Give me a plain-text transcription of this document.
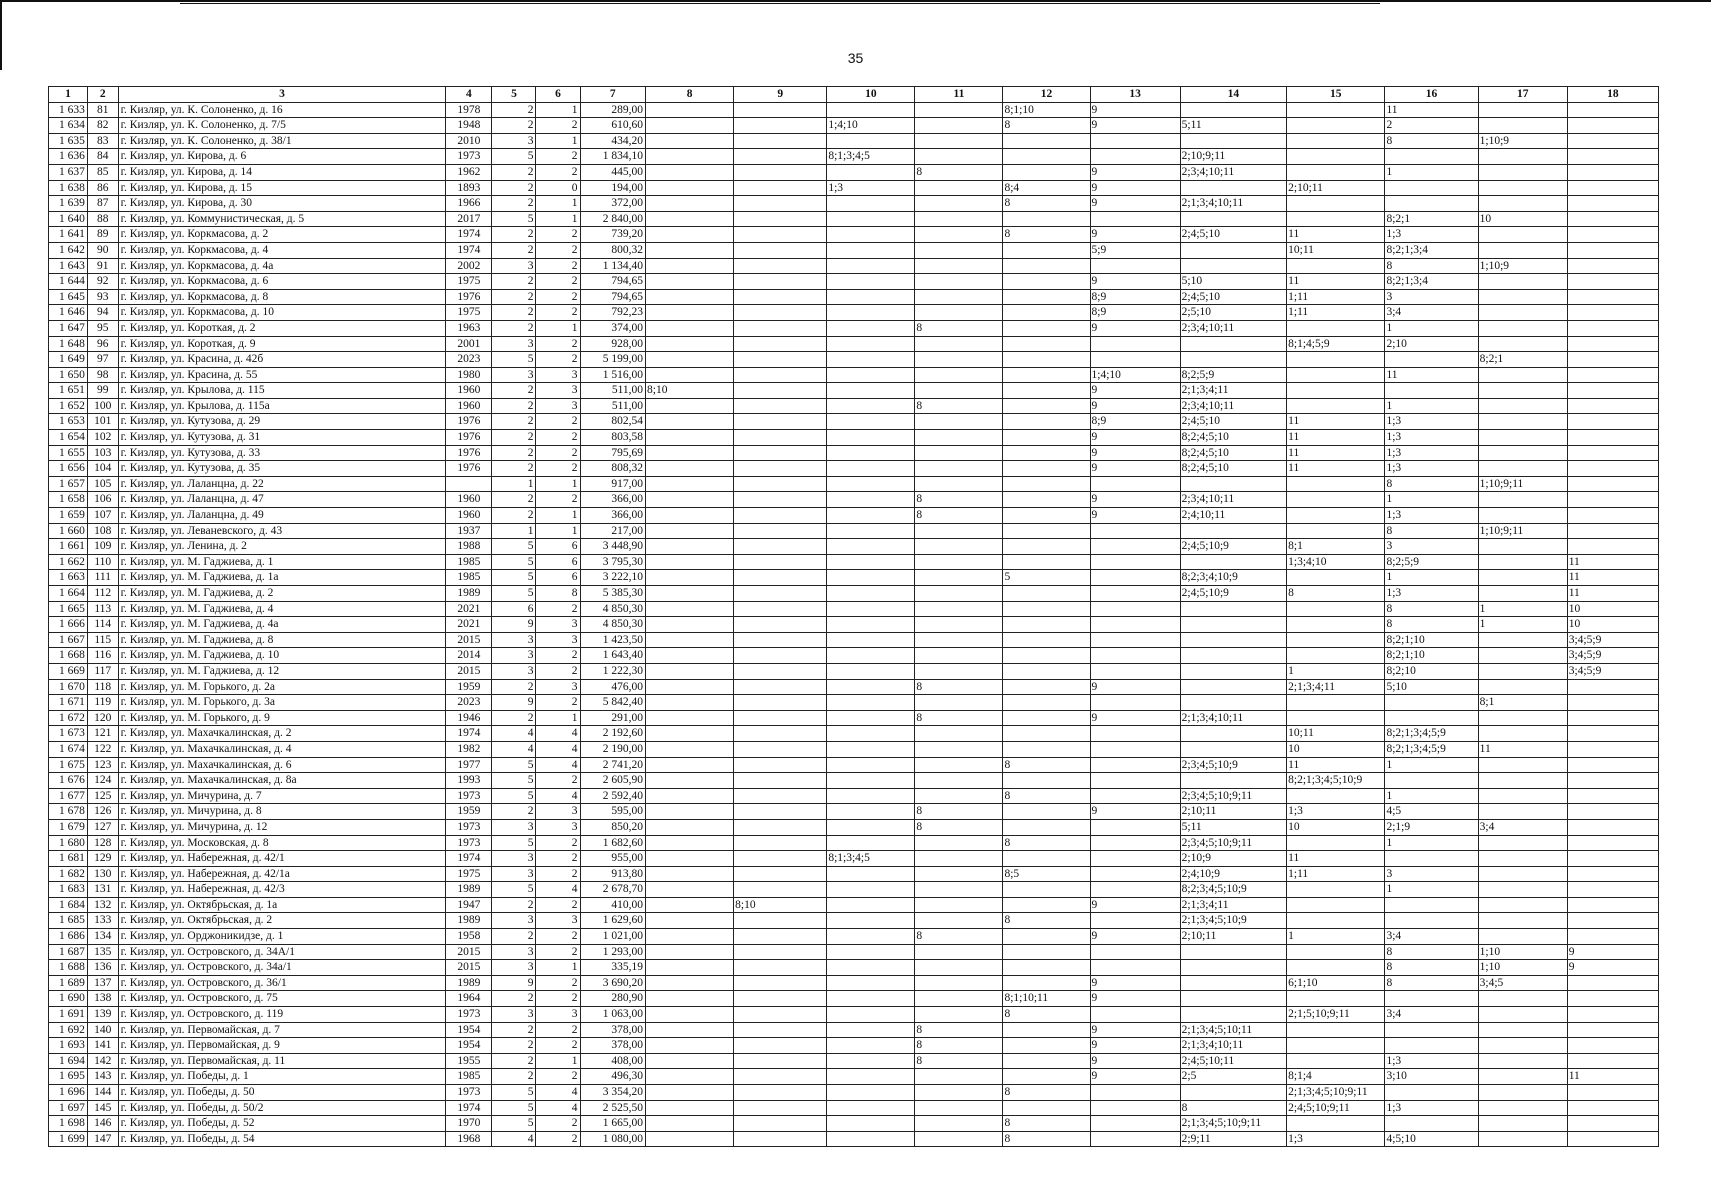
35
1	2	3	4	5	6	7	8	9	10	11	12	13	14	15	16	17	18
1 633	81	г. Кизляр, ул. К. Солоненко, д. 16	1978	2	1	289,00					8;1;10	9			11		
1 634	82	г. Кизляр, ул. К. Солоненко, д. 7/5	1948	2	2	610,60			1;4;10		8	9	5;11		2		
1 635	83	г. Кизляр, ул. К. Солоненко, д. 38/1	2010	3	1	434,20									8	1;10;9	
1 636	84	г. Кизляр, ул. Кирова, д. 6	1973	5	2	1 834,10			8;1;3;4;5				2;10;9;11				
1 637	85	г. Кизляр, ул. Кирова, д. 14	1962	2	2	445,00				8		9	2;3;4;10;11		1		
1 638	86	г. Кизляр, ул. Кирова, д. 15	1893	2	0	194,00			1;3		8;4	9		2;10;11			
1 639	87	г. Кизляр, ул. Кирова, д. 30	1966	2	1	372,00					8	9	2;1;3;4;10;11				
1 640	88	г. Кизляр, ул. Коммунистическая, д. 5	2017	5	1	2 840,00									8;2;1	10	
1 641	89	г. Кизляр, ул. Коркмасова, д. 2	1974	2	2	739,20					8	9	2;4;5;10	11	1;3		
1 642	90	г. Кизляр, ул. Коркмасова, д. 4	1974	2	2	800,32						5;9		10;11	8;2;1;3;4		
1 643	91	г. Кизляр, ул. Коркмасова, д. 4а	2002	3	2	1 134,40									8	1;10;9	
1 644	92	г. Кизляр, ул. Коркмасова, д. 6	1975	2	2	794,65						9	5;10	11	8;2;1;3;4		
1 645	93	г. Кизляр, ул. Коркмасова, д. 8	1976	2	2	794,65						8;9	2;4;5;10	1;11	3		
1 646	94	г. Кизляр, ул. Коркмасова, д. 10	1975	2	2	792,23						8;9	2;5;10	1;11	3;4		
1 647	95	г. Кизляр, ул. Короткая, д. 2	1963	2	1	374,00				8		9	2;3;4;10;11		1		
1 648	96	г. Кизляр, ул. Короткая, д. 9	2001	3	2	928,00								8;1;4;5;9	2;10		
1 649	97	г. Кизляр, ул. Красина, д. 42б	2023	5	2	5 199,00										8;2;1	
1 650	98	г. Кизляр, ул. Красина, д. 55	1980	3	3	1 516,00						1;4;10	8;2;5;9		11		
1 651	99	г. Кизляр, ул. Крылова, д. 115	1960	2	3	511,00	8;10					9	2;1;3;4;11				
1 652	100	г. Кизляр, ул. Крылова, д. 115а	1960	2	3	511,00				8		9	2;3;4;10;11		1		
1 653	101	г. Кизляр, ул. Кутузова, д. 29	1976	2	2	802,54						8;9	2;4;5;10	11	1;3		
1 654	102	г. Кизляр, ул. Кутузова, д. 31	1976	2	2	803,58						9	8;2;4;5;10	11	1;3		
1 655	103	г. Кизляр, ул. Кутузова, д. 33	1976	2	2	795,69						9	8;2;4;5;10	11	1;3		
1 656	104	г. Кизляр, ул. Кутузова, д. 35	1976	2	2	808,32						9	8;2;4;5;10	11	1;3		
1 657	105	г. Кизляр, ул. Лаланцна, д. 22		1	1	917,00									8	1;10;9;11	
1 658	106	г. Кизляр, ул. Лаланцна, д. 47	1960	2	2	366,00				8		9	2;3;4;10;11		1		
1 659	107	г. Кизляр, ул. Лаланцна, д. 49	1960	2	1	366,00				8		9	2;4;10;11		1;3		
1 660	108	г. Кизляр, ул. Леваневского, д. 43	1937	1	1	217,00									8	1;10;9;11	
1 661	109	г. Кизляр, ул. Ленина, д. 2	1988	5	6	3 448,90							2;4;5;10;9	8;1	3		
1 662	110	г. Кизляр, ул. М. Гаджиева, д. 1	1985	5	6	3 795,30								1;3;4;10	8;2;5;9		11
1 663	111	г. Кизляр, ул. М. Гаджиева, д. 1а	1985	5	6	3 222,10					5		8;2;3;4;10;9		1		11
1 664	112	г. Кизляр, ул. М. Гаджиева, д. 2	1989	5	8	5 385,30							2;4;5;10;9	8	1;3		11
1 665	113	г. Кизляр, ул. М. Гаджиева, д. 4	2021	6	2	4 850,30									8	1	10
1 666	114	г. Кизляр, ул. М. Гаджиева, д. 4а	2021	9	3	4 850,30									8	1	10
1 667	115	г. Кизляр, ул. М. Гаджиева, д. 8	2015	3	3	1 423,50									8;2;1;10		3;4;5;9
1 668	116	г. Кизляр, ул. М. Гаджиева, д. 10	2014	3	2	1 643,40									8;2;1;10		3;4;5;9
1 669	117	г. Кизляр, ул. М. Гаджиева, д. 12	2015	3	2	1 222,30								1	8;2;10		3;4;5;9
1 670	118	г. Кизляр, ул. М. Горького, д. 2а	1959	2	3	476,00				8		9		2;1;3;4;11	5;10		
1 671	119	г. Кизляр, ул. М. Горького, д. 3а	2023	9	2	5 842,40										8;1	
1 672	120	г. Кизляр, ул. М. Горького, д. 9	1946	2	1	291,00				8		9	2;1;3;4;10;11				
1 673	121	г. Кизляр, ул. Махачкалинская, д. 2	1974	4	4	2 192,60								10;11	8;2;1;3;4;5;9		
1 674	122	г. Кизляр, ул. Махачкалинская, д. 4	1982	4	4	2 190,00								10	8;2;1;3;4;5;9	11	
1 675	123	г. Кизляр, ул. Махачкалинская, д. 6	1977	5	4	2 741,20					8		2;3;4;5;10;9	11	1		
1 676	124	г. Кизляр, ул. Махачкалинская, д. 8а	1993	5	2	2 605,90								8;2;1;3;4;5;10;9			
1 677	125	г. Кизляр, ул. Мичурина, д. 7	1973	5	4	2 592,40					8		2;3;4;5;10;9;11		1		
1 678	126	г. Кизляр, ул. Мичурина, д. 8	1959	2	3	595,00				8		9	2;10;11	1;3	4;5		
1 679	127	г. Кизляр, ул. Мичурина, д. 12	1973	3	3	850,20				8			5;11	10	2;1;9	3;4	
1 680	128	г. Кизляр, ул. Московская, д. 8	1973	5	2	1 682,60					8		2;3;4;5;10;9;11		1		
1 681	129	г. Кизляр, ул. Набережная, д. 42/1	1974	3	2	955,00			8;1;3;4;5				2;10;9	11			
1 682	130	г. Кизляр, ул. Набережная, д. 42/1а	1975	3	2	913,80					8;5		2;4;10;9	1;11	3		
1 683	131	г. Кизляр, ул. Набережная, д. 42/3	1989	5	4	2 678,70							8;2;3;4;5;10;9		1		
1 684	132	г. Кизляр, ул. Октябрьская, д. 1а	1947	2	2	410,00		8;10				9	2;1;3;4;11				
1 685	133	г. Кизляр, ул. Октябрьская, д. 2	1989	3	3	1 629,60					8		2;1;3;4;5;10;9				
1 686	134	г. Кизляр, ул. Орджоникидзе, д. 1	1958	2	2	1 021,00				8		9	2;10;11	1	3;4		
1 687	135	г. Кизляр, ул. Островского, д. 34А/1	2015	3	2	1 293,00									8	1;10	9
1 688	136	г. Кизляр, ул. Островского, д. 34а/1	2015	3	1	335,19									8	1;10	9
1 689	137	г. Кизляр, ул. Островского, д. 36/1	1989	9	2	3 690,20						9		6;1;10	8	3;4;5	
1 690	138	г. Кизляр, ул. Островского, д. 75	1964	2	2	280,90					8;1;10;11	9					
1 691	139	г. Кизляр, ул. Островского, д. 119	1973	3	3	1 063,00					8			2;1;5;10;9;11	3;4		
1 692	140	г. Кизляр, ул. Первомайская, д. 7	1954	2	2	378,00				8		9	2;1;3;4;5;10;11				
1 693	141	г. Кизляр, ул. Первомайская, д. 9	1954	2	2	378,00				8		9	2;1;3;4;10;11				
1 694	142	г. Кизляр, ул. Первомайская, д. 11	1955	2	1	408,00				8		9	2;4;5;10;11		1;3		
1 695	143	г. Кизляр, ул. Победы, д. 1	1985	2	2	496,30						9	2;5	8;1;4	3;10		11
1 696	144	г. Кизляр, ул. Победы, д. 50	1973	5	4	3 354,20					8			2;1;3;4;5;10;9;11			
1 697	145	г. Кизляр, ул. Победы, д. 50/2	1974	5	4	2 525,50							8	2;4;5;10;9;11	1;3		
1 698	146	г. Кизляр, ул. Победы, д. 52	1970	5	2	1 665,00					8		2;1;3;4;5;10;9;11				
1 699	147	г. Кизляр, ул. Победы, д. 54	1968	4	2	1 080,00					8		2;9;11	1;3	4;5;10		
